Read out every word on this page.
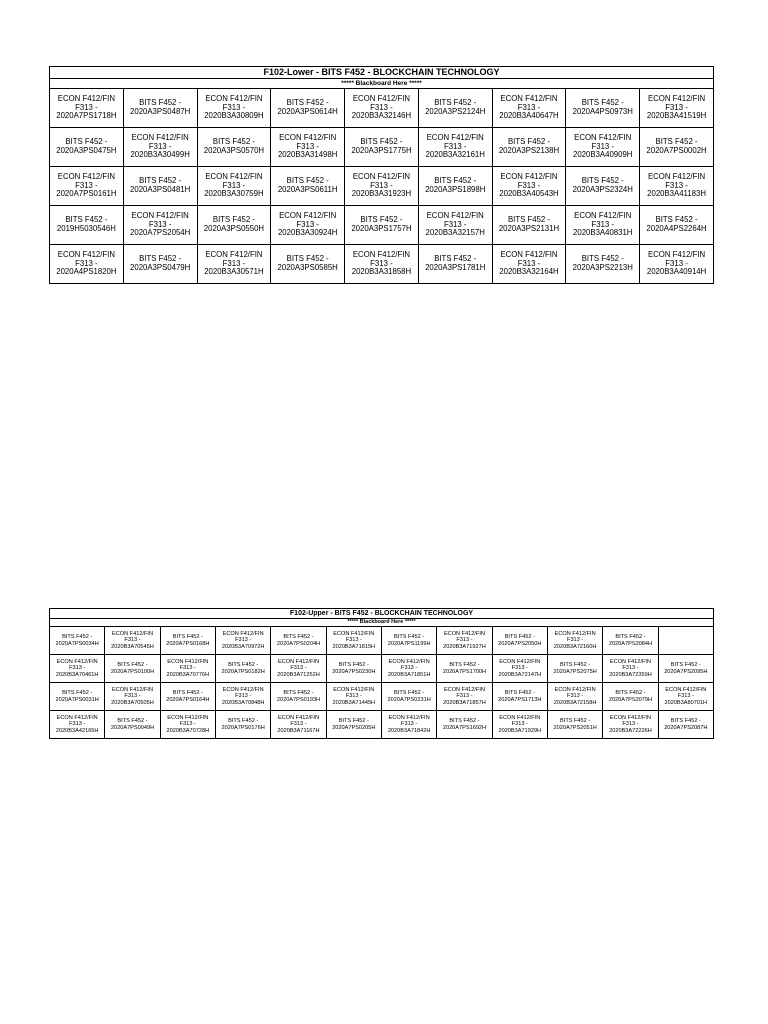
F102-Lower - BITS F452 - BLOCKCHAIN TECHNOLOGY								
***** Blackboard Here *****								
ECON F412/FIN F313 - 2020A7PS1718H	BITS F452 - 2020A3PS0487H	ECON F412/FIN F313 - 2020B3A30809H	BITS F452 - 2020A3PS0614H	ECON F412/FIN F313 - 2020B3A32146H	BITS F452 - 2020A3PS2124H	ECON F412/FIN F313 - 2020B3A40647H	BITS F452 - 2020A4PS0973H	ECON F412/FIN F313 - 2020B3A41519H
BITS F452 - 2020A3PS0475H	ECON F412/FIN F313 - 2020B3A30499H	BITS F452 - 2020A3PS0570H	ECON F412/FIN F313 - 2020B3A31498H	BITS F452 - 2020A3PS1775H	ECON F412/FIN F313 - 2020B3A32161H	BITS F452 - 2020A3PS2138H	ECON F412/FIN F313 - 2020B3A40909H	BITS F452 - 2020A7PS0002H
ECON F412/FIN F313 - 2020A7PS0161H	BITS F452 - 2020A3PS0481H	ECON F412/FIN F313 - 2020B3A30759H	BITS F452 - 2020A3PS0611H	ECON F412/FIN F313 - 2020B3A31923H	BITS F452 - 2020A3PS1898H	ECON F412/FIN F313 - 2020B3A40543H	BITS F452 - 2020A3PS2324H	ECON F412/FIN F313 - 2020B3A41183H
BITS F452 - 2019H5030546H	ECON F412/FIN F313 - 2020A7PS2054H	BITS F452 - 2020A3PS0550H	ECON F412/FIN F313 - 2020B3A30924H	BITS F452 - 2020A3PS1757H	ECON F412/FIN F313 - 2020B3A32157H	BITS F452 - 2020A3PS2131H	ECON F412/FIN F313 - 2020B3A40831H	BITS F452 - 2020A4PS2264H
ECON F412/FIN F313 - 2020A4PS1820H	BITS F452 - 2020A3PS0479H	ECON F412/FIN F313 - 2020B3A30571H	BITS F452 - 2020A3PS0585H	ECON F412/FIN F313 - 2020B3A31858H	BITS F452 - 2020A3PS1781H	ECON F412/FIN F313 - 2020B3A32164H	BITS F452 - 2020A3PS2213H	ECON F412/FIN F313 - 2020B3A40914H
F102-Upper - BITS F452 - BLOCKCHAIN TECHNOLOGY											
***** Blackboard Here *****											
BITS F452 - 2020A7PS0034H	ECON F412/FIN F313 - 2020B3A70545H	BITS F452 - 2020A7PS0168H	ECON F412/FIN F313 - 2020B3A70972H	BITS F452 - 2020A7PS0204H	ECON F412/FIN F313 - 2020B3A71815H	BITS F452 - 2020A7PS1199H	ECON F412/FIN F313 - 2020B3A71927H	BITS F452 - 2020A7PS2050H	ECON F412/FIN F313 - 2020B3A72160H	BITS F452 - 2020A7PS2084H	
ECON F412/FIN F313 - 2020B3A70461H	BITS F452 - 2020A7PS0100H	ECON F412/FIN F313 - 2020B3A70776H	BITS F452 - 2020A7PS0182H	ECON F412/FIN F313 - 2020B3A71252H	BITS F452 - 2020A7PS0230H	ECON F412/FIN F313 - 2020B3A71851H	BITS F452 - 2020A7PS1700H	ECON F412/FIN F313 - 2020B3A72147H	BITS F452 - 2020A7PS2075H	ECON F412/FIN F313 - 2020B3A72359H	BITS F452 - 2020A7PS2095H
BITS F452 - 2020A7PS0031H	ECON F412/FIN F313 - 2020B3A70505H	BITS F452 - 2020A7PS0164H	ECON F412/FIN F313 - 2020B3A70848H	BITS F452 - 2020A7PS0193H	ECON F412/FIN F313 - 2020B3A71445H	BITS F452 - 2020A7PS0231H	ECON F412/FIN F313 - 2020B3A71857H	BITS F452 - 2020A7PS1713H	ECON F412/FIN F313 - 2020B3A72158H	BITS F452 - 2020A7PS2079H	ECON F412/FIN F313 - 2020B3A80701H
ECON F412/FIN F313 - 2020B3A42165H	BITS F452 - 2020A7PS0049H	ECON F412/FIN F313 - 2020B3A70728H	BITS F452 - 2020A7PS0176H	ECON F412/FIN F313 - 2020B3A71167H	BITS F452 - 2020A7PS0205H	ECON F412/FIN F313 - 2020B3A71842H	BITS F452 - 2020A7PS1692H	ECON F412/FIN F313 - 2020B3A71929H	BITS F452 - 2020A7PS2051H	ECON F412/FIN F313 - 2020B3A72226H	BITS F452 - 2020A7PS2087H
